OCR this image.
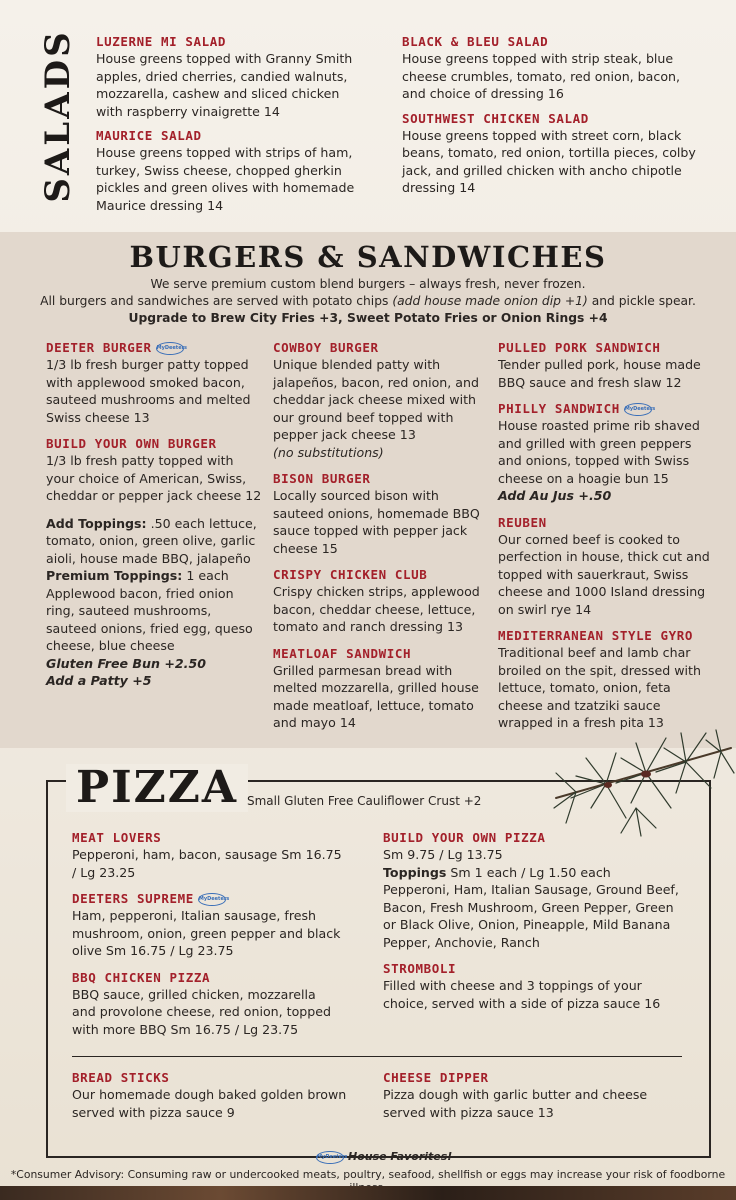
SALADS LUZERNE MI SALAD
House greens topped with Granny Smith apples, dried cherries, candied walnuts, mozzarella, cashew and sliced chicken with raspberry vinaigrette 14
MAURICE SALAD
House greens topped with strips of ham, turkey, Swiss cheese, chopped gherkin pickles and green olives with homemade Maurice dressing 14
BLACK & BLEU SALAD
House greens topped with strip steak, blue cheese crumbles, tomato, red onion, bacon, and choice of dressing 16
SOUTHWEST CHICKEN SALAD
House greens topped with street corn, black beans, tomato, red onion, tortilla pieces, colby jack, and grilled chicken with ancho chipotle dressing 14
BURGERS & SANDWICHES
We serve premium custom blend burgers – always fresh, never frozen.
All burgers and sandwiches are served with potato chips (add house made onion dip +1) and pickle spear.
Upgrade to Brew City Fries +3, Sweet Potato Fries or Onion Rings +4
DEETER BURGER MyDeeters
1/3 lb fresh burger patty topped with applewood smoked bacon, sauteed mushrooms and melted Swiss cheese 13
BUILD YOUR OWN BURGER
1/3 lb fresh patty topped with your choice of American, Swiss, cheddar or pepper jack cheese 12
Add Toppings: .50 each lettuce, tomato, onion, green olive, garlic aioli, house made BBQ, jalapeño
Premium Toppings: 1 each Applewood bacon, fried onion ring, sauteed mushrooms, sauteed onions, fried egg, queso cheese, blue cheese
Gluten Free Bun +2.50
Add a Patty +5
COWBOY BURGER
Unique blended patty with jalapeños, bacon, red onion, and cheddar jack cheese mixed with our ground beef topped with pepper jack cheese 13
(no substitutions)
BISON BURGER
Locally sourced bison with sauteed onions, homemade BBQ sauce topped with pepper jack cheese 15
CRISPY CHICKEN CLUB
Crispy chicken strips, applewood bacon, cheddar cheese, lettuce, tomato and ranch dressing 13
MEATLOAF SANDWICH
Grilled parmesan bread with melted mozzarella, grilled house made meatloaf, lettuce, tomato and mayo 14
PULLED PORK SANDWICH
Tender pulled pork, house made BBQ sauce and fresh slaw 12
PHILLY SANDWICH MyDeeters
House roasted prime rib shaved and grilled with green peppers and onions, topped with Swiss cheese on a hoagie bun 15
Add Au Jus +.50
REUBEN
Our corned beef is cooked to perfection in house, thick cut and topped with sauerkraut, Swiss cheese and 1000 Island dressing on swirl rye 14
MEDITERRANEAN STYLE GYRO
Traditional beef and lamb char broiled on the spit, dressed with lettuce, tomato, onion, feta cheese and tzatziki sauce wrapped in a fresh pita 13
PIZZA Small Gluten Free Cauliflower Crust +2
MEAT LOVERS
Pepperoni, ham, bacon, sausage Sm 16.75 / Lg 23.25
DEETERS SUPREME MyDeeters
Ham, pepperoni, Italian sausage, fresh mushroom, onion, green pepper and black olive Sm 16.75 / Lg 23.75
BBQ CHICKEN PIZZA
BBQ sauce, grilled chicken, mozzarella and provolone cheese, red onion, topped with more BBQ Sm 16.75 / Lg 23.75
BUILD YOUR OWN PIZZA
Sm 9.75 / Lg 13.75
Toppings Sm 1 each / Lg 1.50 each
Pepperoni, Ham, Italian Sausage, Ground Beef, Bacon, Fresh Mushroom, Green Pepper, Green or Black Olive, Onion, Pineapple, Mild Banana Pepper, Anchovie, Ranch
STROMBOLI
Filled with cheese and 3 toppings of your choice, served with a side of pizza sauce 16
BREAD STICKS
Our homemade dough baked golden brown served with pizza sauce 9
CHEESE DIPPER
Pizza dough with garlic butter and cheese served with pizza sauce 13
MyDeetersHouse Favorites!
*Consumer Advisory: Consuming raw or undercooked meats, poultry, seafood, shellfish or eggs may increase your risk of foodborne
